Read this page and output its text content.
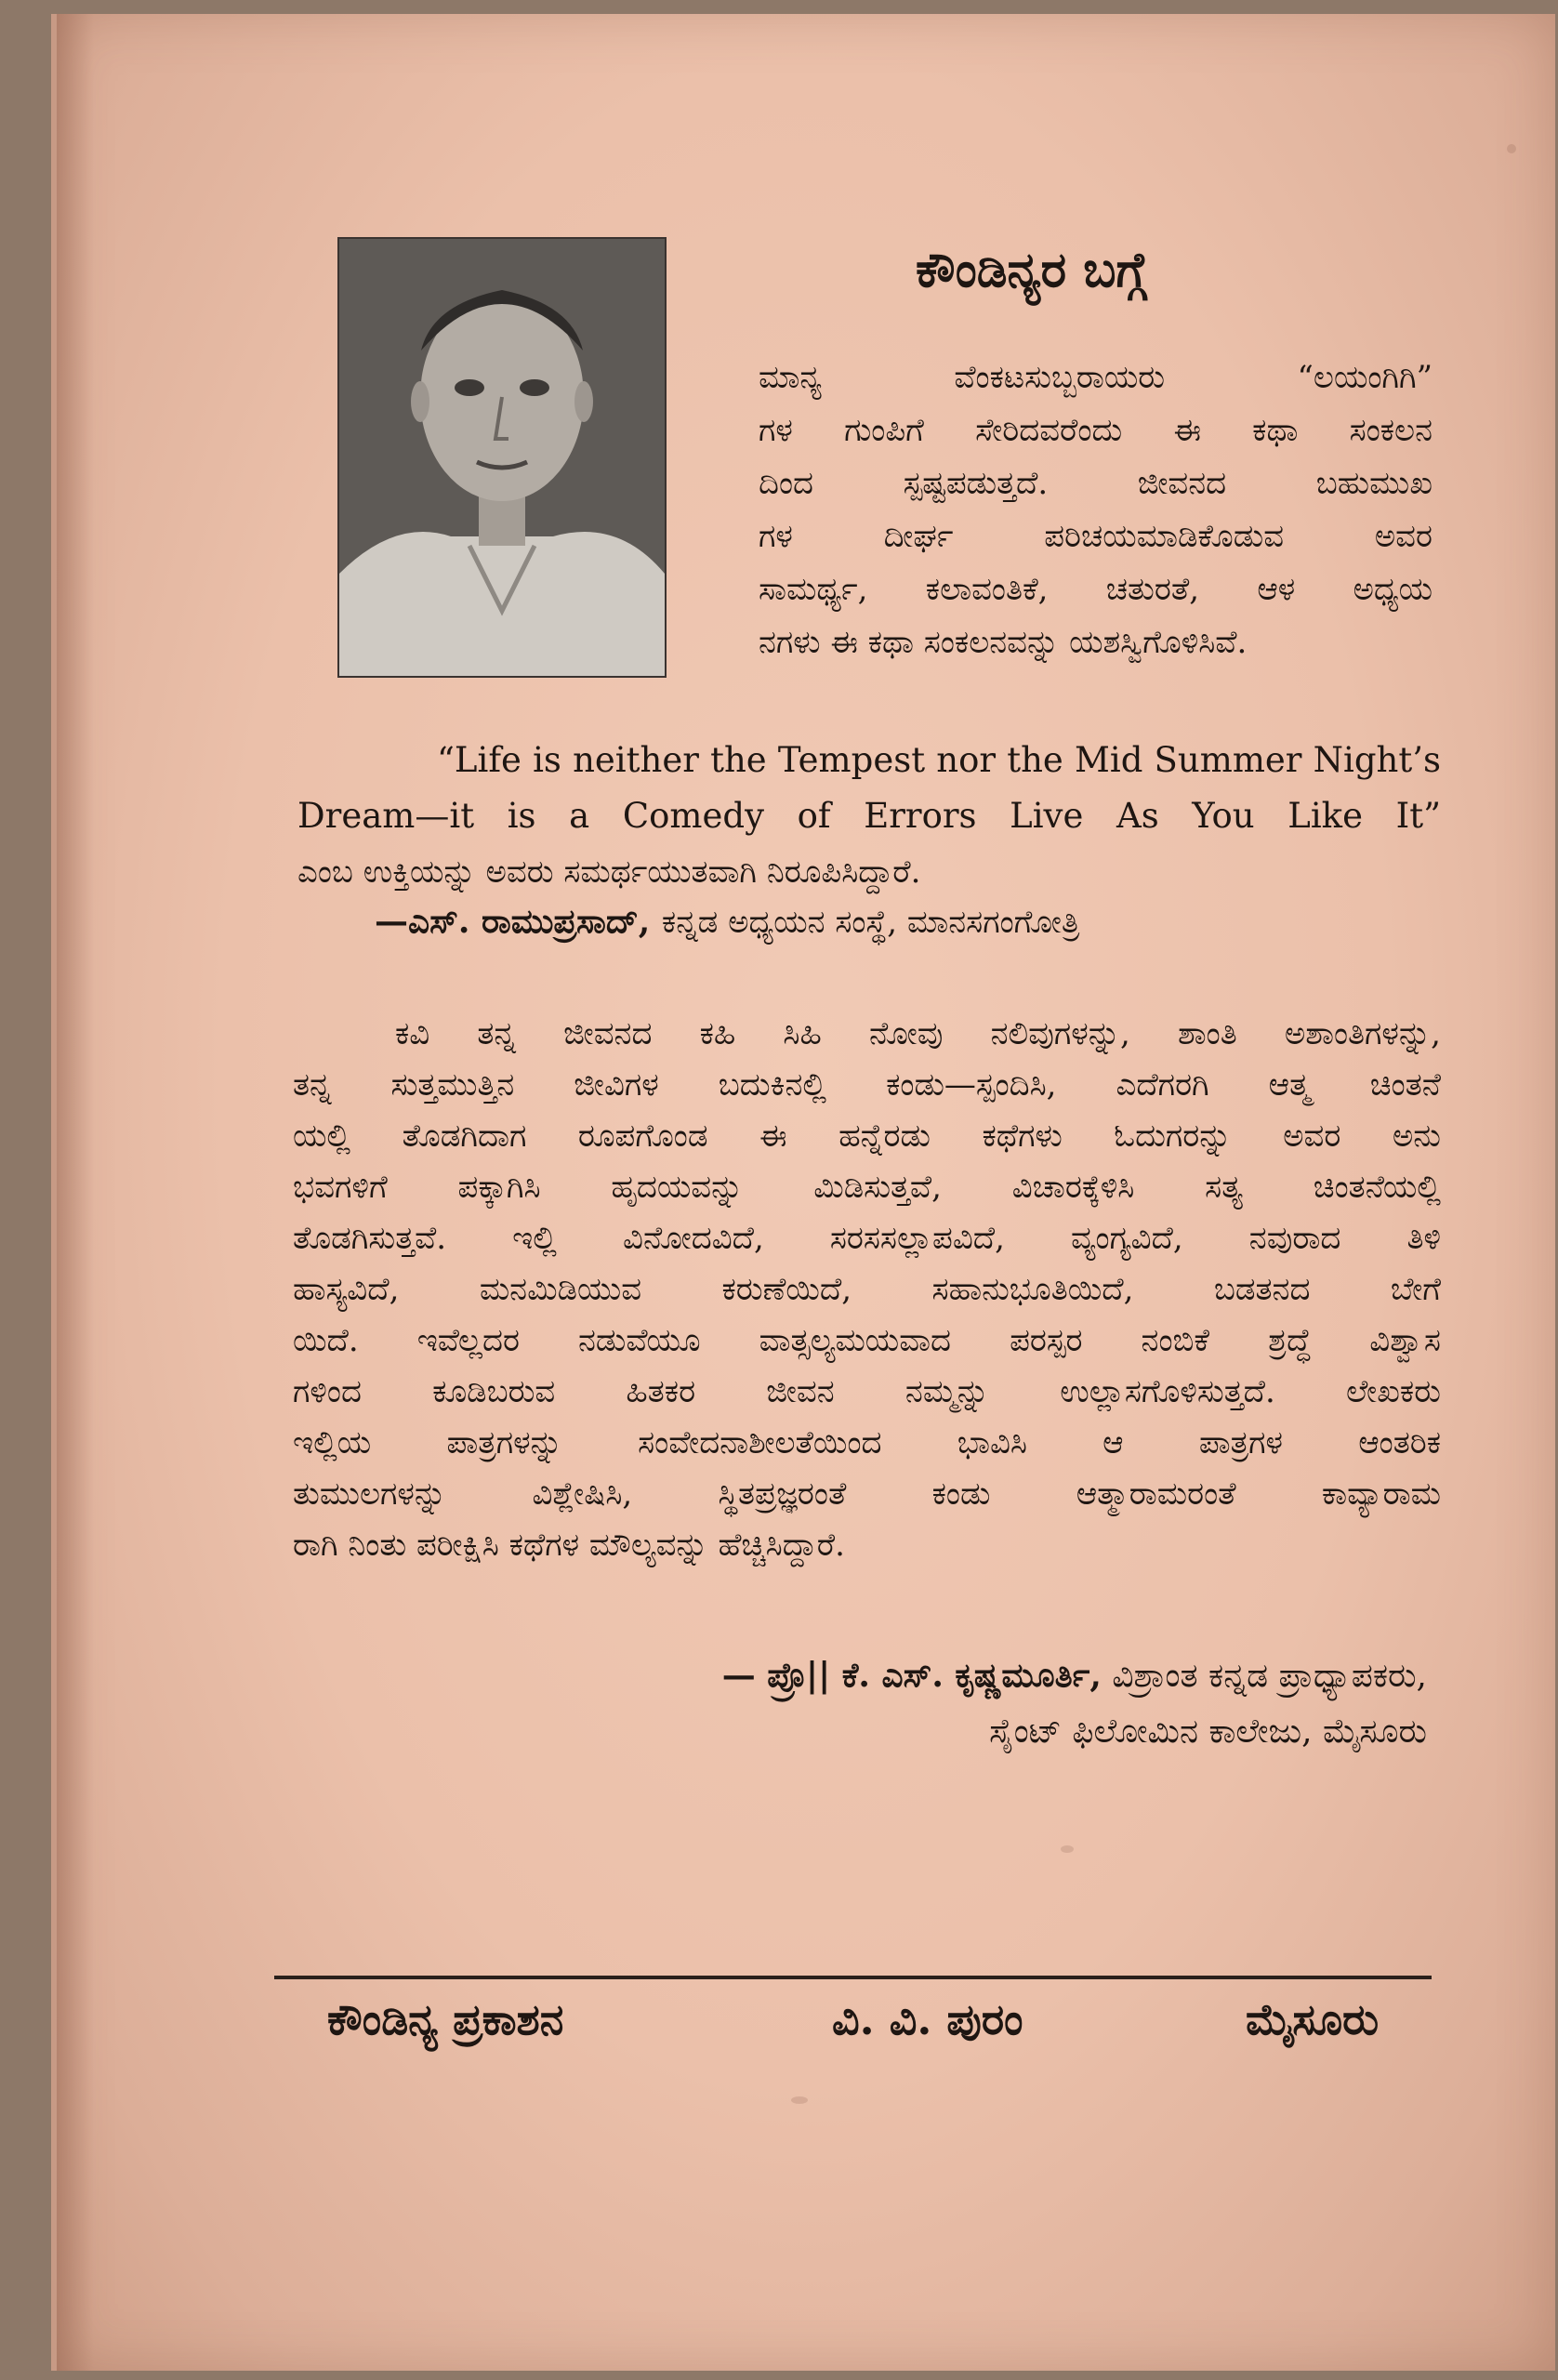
ಕೌಂಡಿನ್ಯರ ಬಗ್ಗೆ

ಮಾನ್ಯ ವೆಂಕಟಸುಬ್ಬರಾಯರು “ಲಯಂಗಿಗಿ”
ಗಳ ಗುಂಪಿಗೆ ಸೇರಿದವರೆಂದು ಈ ಕಥಾ ಸಂಕಲನ
ದಿಂದ ಸ್ಪಷ್ಟಪಡುತ್ತದೆ. ಜೀವನದ ಬಹುಮುಖ
ಗಳ ದೀರ್ಘ ಪರಿಚಯಮಾಡಿಕೊಡುವ ಅವರ
ಸಾಮರ್ಥ್ಯ, ಕಲಾವಂತಿಕೆ, ಚತುರತೆ, ಆಳ ಅಧ್ಯಯ
ನಗಳು ಈ ಕಥಾ ಸಂಕಲನವನ್ನು ಯಶಸ್ವಿಗೊಳಿಸಿವೆ.
“Life is neither the Tempest nor the Mid Summer Night’s
Dream—it is a Comedy of Errors Live As You Like It”
ಎಂಬ ಉಕ್ತಿಯನ್ನು ಅವರು ಸಮರ್ಥಯುತವಾಗಿ ನಿರೂಪಿಸಿದ್ದಾರೆ.
—ಎಸ್. ರಾಮುಪ್ರಸಾದ್, ಕನ್ನಡ ಅಧ್ಯಯನ ಸಂಸ್ಥೆ, ಮಾನಸಗಂಗೋತ್ರಿ
ಕವಿ ತನ್ನ ಜೀವನದ ಕಹಿ ಸಿಹಿ ನೋವು ನಲಿವುಗಳನ್ನು, ಶಾಂತಿ ಅಶಾಂತಿಗಳನ್ನು,
ತನ್ನ ಸುತ್ತಮುತ್ತಿನ ಜೀವಿಗಳ ಬದುಕಿನಲ್ಲಿ ಕಂಡು—ಸ್ಪಂದಿಸಿ, ಎದೆಗರಗಿ ಆತ್ಮ ಚಿಂತನೆ
ಯಲ್ಲಿ ತೊಡಗಿದಾಗ ರೂಪಗೊಂಡ ಈ ಹನ್ನೆರಡು ಕಥೆಗಳು ಓದುಗರನ್ನು ಅವರ ಅನು
ಭವಗಳಿಗೆ ಪಕ್ಕಾಗಿಸಿ ಹೃದಯವನ್ನು ಮಿಡಿಸುತ್ತವೆ, ವಿಚಾರಕ್ಕೆಳಿಸಿ ಸತ್ಯ ಚಿಂತನೆಯಲ್ಲಿ
ತೊಡಗಿಸುತ್ತವೆ. ಇಲ್ಲಿ ವಿನೋದವಿದೆ, ಸರಸಸಲ್ಲಾಪವಿದೆ, ವ್ಯಂಗ್ಯವಿದೆ, ನವುರಾದ ತಿಳಿ
ಹಾಸ್ಯವಿದೆ, ಮನಮಿಡಿಯುವ ಕರುಣೆಯಿದೆ, ಸಹಾನುಭೂತಿಯಿದೆ, ಬಡತನದ ಬೇಗೆ
ಯಿದೆ. ಇವೆಲ್ಲದರ ನಡುವೆಯೂ ವಾತ್ಸಲ್ಯಮಯವಾದ ಪರಸ್ಪರ ನಂಬಿಕೆ ಶ್ರದ್ಧೆ ವಿಶ್ವಾಸ
ಗಳಿಂದ ಕೂಡಿಬರುವ ಹಿತಕರ ಜೀವನ ನಮ್ಮನ್ನು ಉಲ್ಲಾಸಗೊಳಿಸುತ್ತದೆ. ಲೇಖಕರು
ಇಲ್ಲಿಯ ಪಾತ್ರಗಳನ್ನು ಸಂವೇದನಾಶೀಲತೆಯಿಂದ ಭಾವಿಸಿ ಆ ಪಾತ್ರಗಳ ಆಂತರಿಕ
ತುಮುಲಗಳನ್ನು ವಿಶ್ಲೇಷಿಸಿ, ಸ್ಥಿತಪ್ರಜ್ಞರಂತೆ ಕಂಡು ಆತ್ಮಾರಾಮರಂತೆ ಕಾವ್ಯಾರಾಮ
ರಾಗಿ ನಿಂತು ಪರೀಕ್ಷಿಸಿ ಕಥೆಗಳ ಮೌಲ್ಯವನ್ನು ಹೆಚ್ಚಿಸಿದ್ದಾರೆ.
— ಪ್ರೊ|| ಕೆ. ಎಸ್. ಕೃಷ್ಣಮೂರ್ತಿ, ವಿಶ್ರಾಂತ ಕನ್ನಡ ಪ್ರಾಧ್ಯಾಪಕರು,
ಸೈಂಟ್ ಫಿಲೋಮಿನ ಕಾಲೇಜು, ಮೈಸೂರು
ಕೌಂಡಿನ್ಯ ಪ್ರಕಾಶನ	ವಿ. ವಿ. ಪುರಂ	ಮೈಸೂರು
